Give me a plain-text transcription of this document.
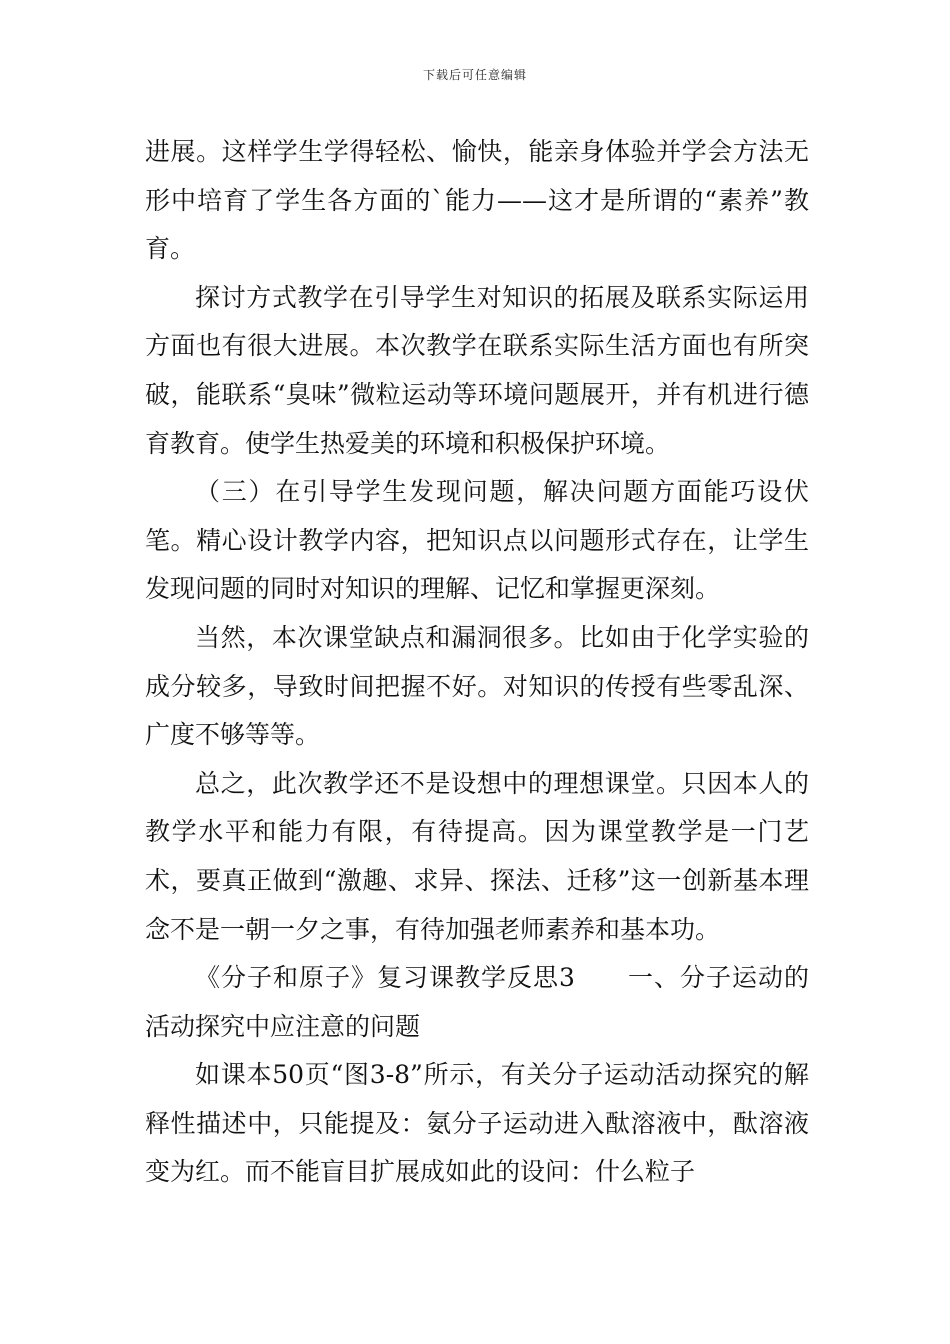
下载后可任意编辑

进展。这样学生学得轻松、愉快，能亲身体验并学会方法无形中培育了学生各方面的`能力——这才是所谓的“素养”教育。

探讨方式教学在引导学生对知识的拓展及联系实际运用方面也有很大进展。本次教学在联系实际生活方面也有所突破，能联系“臭味”微粒运动等环境问题展开，并有机进行德育教育。使学生热爱美的环境和积极保护环境。

（三）在引导学生发现问题，解决问题方面能巧设伏笔。精心设计教学内容，把知识点以问题形式存在，让学生发现问题的同时对知识的理解、记忆和掌握更深刻。

当然，本次课堂缺点和漏洞很多。比如由于化学实验的成分较多，导致时间把握不好。对知识的传授有些零乱深、广度不够等等。

总之，此次教学还不是设想中的理想课堂。只因本人的教学水平和能力有限，有待提高。因为课堂教学是一门艺术，要真正做到“激趣、求异、探法、迁移”这一创新基本理念不是一朝一夕之事，有待加强老师素养和基本功。

《分子和原子》复习课教学反思3　　一、分子运动的活动探究中应注意的问题

如课本50页“图3-8”所示，有关分子运动活动探究的解释性描述中，只能提及：氨分子运动进入酞溶液中，酞溶液变为红。而不能盲目扩展成如此的设问：什么粒子
